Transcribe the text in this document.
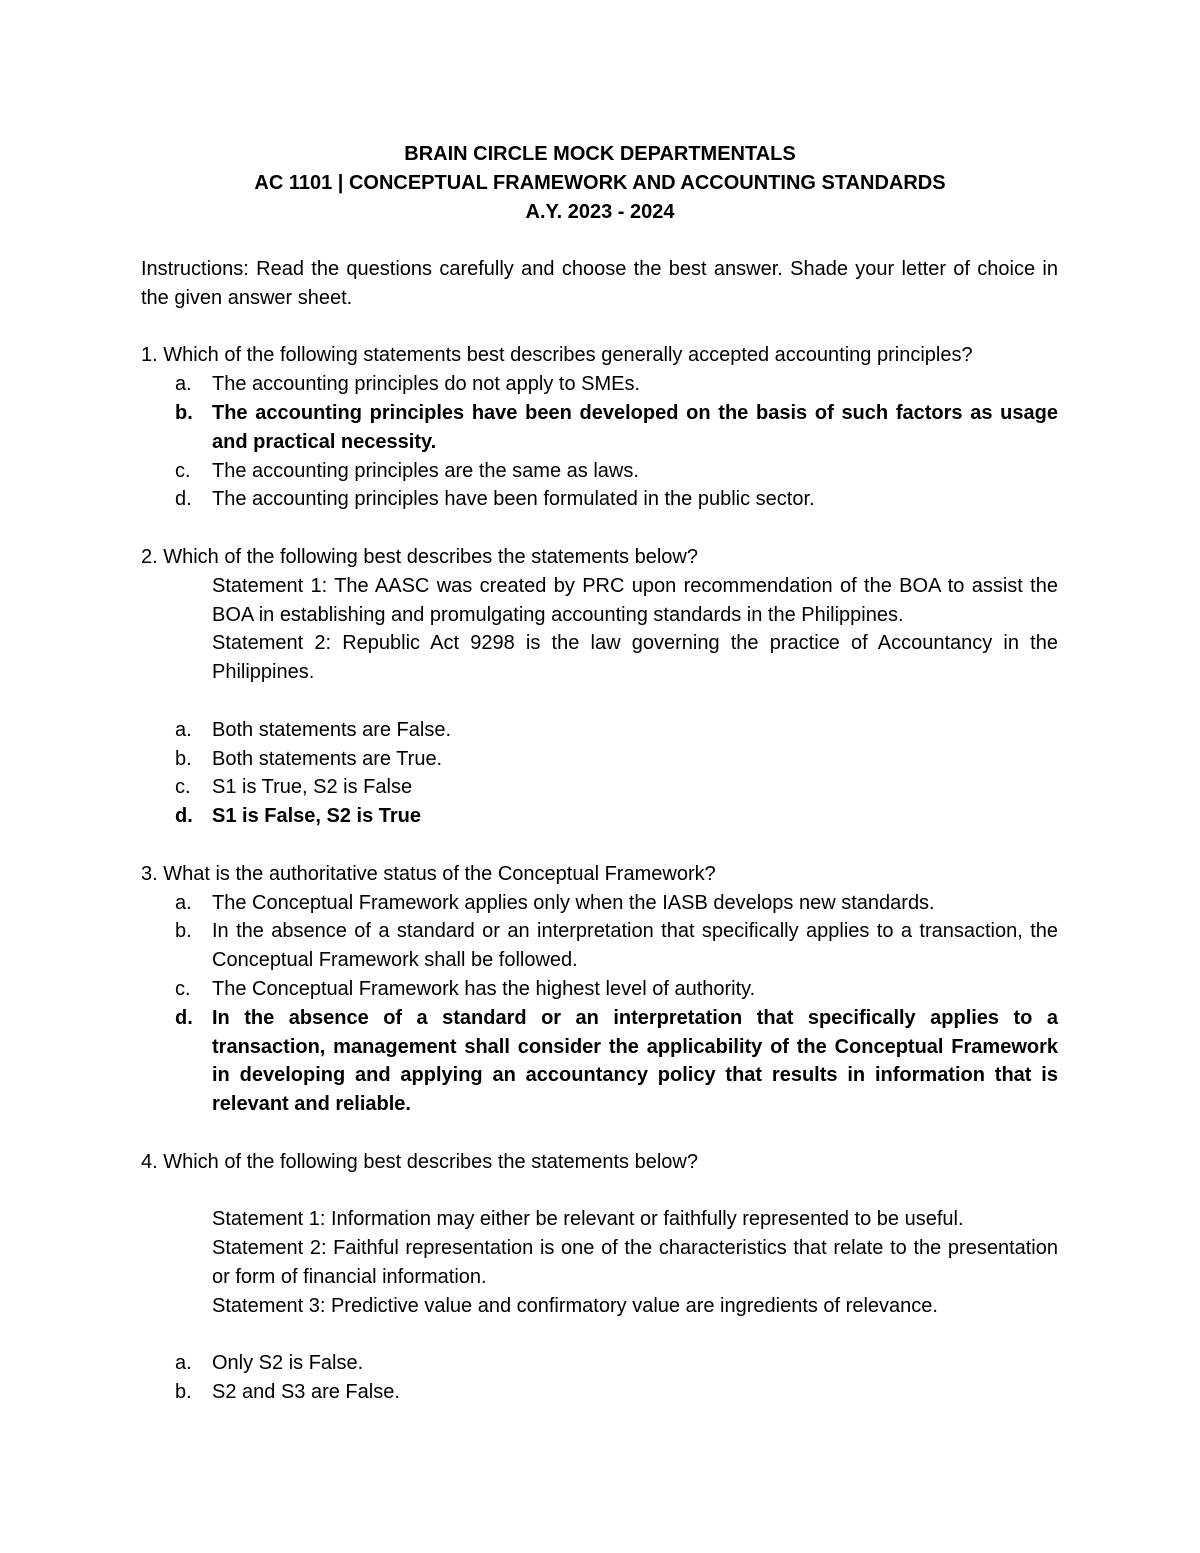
BRAIN CIRCLE MOCK DEPARTMENTALS
AC 1101 | CONCEPTUAL FRAMEWORK AND ACCOUNTING STANDARDS
A.Y. 2023 - 2024
Instructions: Read the questions carefully and choose the best answer. Shade your letter of choice in the given answer sheet.
1. Which of the following statements best describes generally accepted accounting principles?
a. The accounting principles do not apply to SMEs.
b. The accounting principles have been developed on the basis of such factors as usage and practical necessity.
c. The accounting principles are the same as laws.
d. The accounting principles have been formulated in the public sector.
2. Which of the following best describes the statements below?
Statement 1: The AASC was created by PRC upon recommendation of the BOA to assist the BOA in establishing and promulgating accounting standards in the Philippines.
Statement 2: Republic Act 9298 is the law governing the practice of Accountancy in the Philippines.
a. Both statements are False.
b. Both statements are True.
c. S1 is True, S2 is False
d. S1 is False, S2 is True
3. What is the authoritative status of the Conceptual Framework?
a. The Conceptual Framework applies only when the IASB develops new standards.
b. In the absence of a standard or an interpretation that specifically applies to a transaction, the Conceptual Framework shall be followed.
c. The Conceptual Framework has the highest level of authority.
d. In the absence of a standard or an interpretation that specifically applies to a transaction, management shall consider the applicability of the Conceptual Framework in developing and applying an accountancy policy that results in information that is relevant and reliable.
4. Which of the following best describes the statements below?
Statement 1: Information may either be relevant or faithfully represented to be useful.
Statement 2: Faithful representation is one of the characteristics that relate to the presentation or form of financial information.
Statement 3: Predictive value and confirmatory value are ingredients of relevance.
a. Only S2 is False.
b. S2 and S3 are False.
